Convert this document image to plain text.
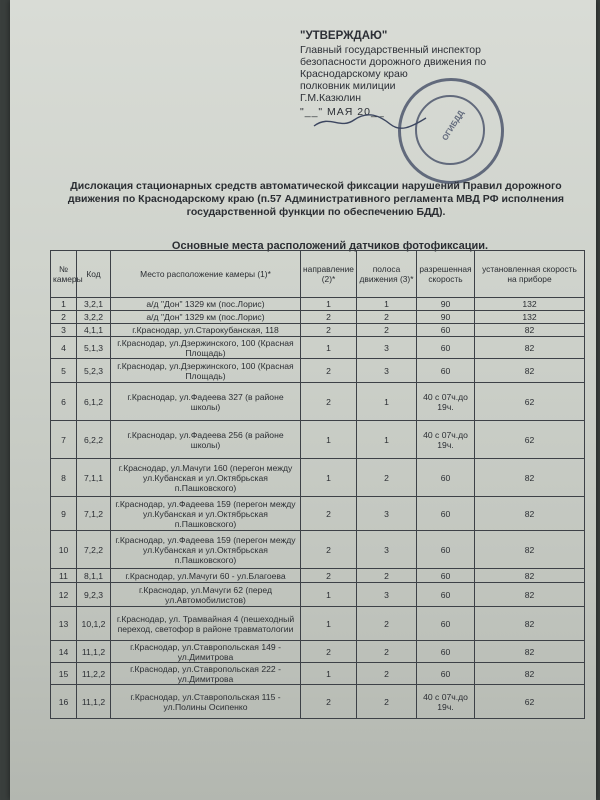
"УТВЕРЖДАЮ"
Главный государственный инспектор
безопасности дорожного движения по
Краснодарскому краю
полковник милиции
Г.М.Казюлин
"__" МАЯ 20__	ОГИБДД
Дислокация стационарных средств автоматической фиксации нарушений Правил дорожного движения по Краснодарскому краю (п.57 Административного регламента МВД РФ исполнения государственной функции по обеспечению БДД).
Основные места расположений датчиков фотофиксации.
№ камеры	Код	Место расположение камеры (1)*	направление (2)*	полоса движения (3)*	разрешенная скорость	установленная скорость на приборе
1	3,2,1	а/д "Дон" 1329 км (пос.Лорис)	1	1	90	132
2	3,2,2	а/д "Дон" 1329 км (пос.Лорис)	2	2	90	132
3	4,1,1	г.Краснодар, ул.Старокубанская, 118	2	2	60	82
4	5,1,3	г.Краснодар, ул.Дзержинского, 100 (Красная Площадь)	1	3	60	82
5	5,2,3	г.Краснодар, ул.Дзержинского, 100 (Красная Площадь)	2	3	60	82
6	6,1,2	г.Краснодар, ул.Фадеева 327 (в районе школы)	2	1	40 с 07ч.до 19ч.	62
7	6,2,2	г.Краснодар, ул.Фадеева 256 (в районе школы)	1	1	40 с 07ч.до 19ч.	62
8	7,1,1	г.Краснодар, ул.Мачуги 160 (перегон между ул.Кубанская и ул.Октябрьская п.Пашковского)	1	2	60	82
9	7,1,2	г.Краснодар, ул.Фадеева 159 (перегон между ул.Кубанская и ул.Октябрьская п.Пашковского)	2	3	60	82
10	7,2,2	г.Краснодар, ул.Фадеева 159 (перегон между ул.Кубанская и ул.Октябрьская п.Пашковского)	2	3	60	82
11	8,1,1	г.Краснодар, ул.Мачуги 60 - ул.Благоева	2	2	60	82
12	9,2,3	г.Краснодар, ул.Мачуги 62 (перед ул.Автомобилистов)	1	3	60	82
13	10,1,2	г.Краснодар, ул. Трамвайная 4 (пешеходный переход, светофор в районе травматологии	1	2	60	82
14	11,1,2	г.Краснодар, ул.Ставропольская 149 - ул.Димитрова	2	2	60	82
15	11,2,2	г.Краснодар, ул.Ставропольская 222 - ул.Димитрова	1	2	60	82
16	11,1,2	г.Краснодар, ул.Ставропольская 115 - ул.Полины Осипенко	2	2	40 с 07ч.до 19ч.	62
